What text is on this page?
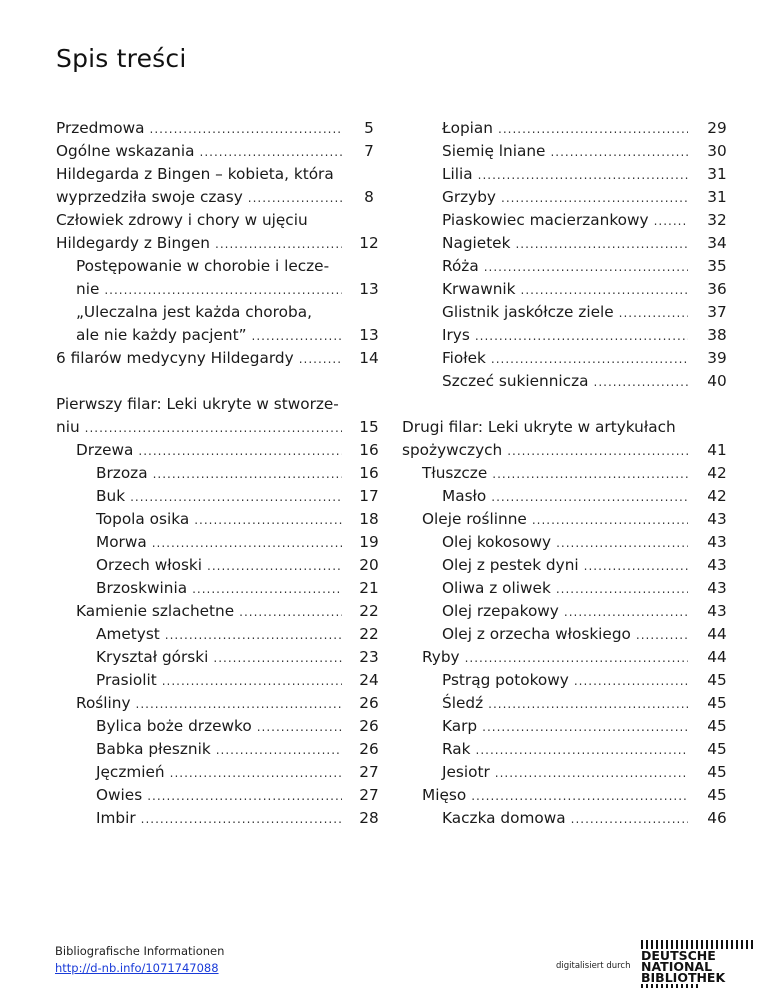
Spis treści
Przedmowa .....	5
Ogólne wskazania .....	7
Hildegarda z Bingen – kobieta, która
wyprzedziła swoje czasy .....	8
Człowiek zdrowy i chory w ujęciu
Hildegardy z Bingen .....	12
Postępowanie w chorobie i lecze-
nie .....	13
„Uleczalna jest każda choroba,
ale nie każdy pacjent” .....	13
6 filarów medycyny Hildegardy .....	14
Pierwszy filar: Leki ukryte w stworze-
niu .....	15
Drzewa .....	16
Brzoza .....	16
Buk .....	17
Topola osika .....	18
Morwa .....	19
Orzech włoski .....	20
Brzoskwinia .....	21
Kamienie szlachetne .....	22
Ametyst .....	22
Kryształ górski .....	23
Prasiolit .....	24
Rośliny .....	26
Bylica boże drzewko .....	26
Babka płesznik .....	26
Jęczmień .....	27
Owies .....	27
Imbir .....	28
Łopian .....	29
Siemię lniane .....	30
Lilia .....	31
Grzyby .....	31
Piaskowiec macierzankowy .....	32
Nagietek .....	34
Róża .....	35
Krwawnik .....	36
Glistnik jaskółcze ziele .....	37
Irys .....	38
Fiołek .....	39
Szczeć sukiennicza .....	40
Drugi filar: Leki ukryte w artykułach
spożywczych .....	41
Tłuszcze .....	42
Masło .....	42
Oleje roślinne .....	43
Olej kokosowy .....	43
Olej z pestek dyni .....	43
Oliwa z oliwek .....	43
Olej rzepakowy .....	43
Olej z orzecha włoskiego .....	44
Ryby .....	44
Pstrąg potokowy .....	45
Śledź .....	45
Karp .....	45
Rak .....	45
Jesiotr .....	45
Mięso .....	45
Kaczka domowa .....	46
Bibliografische Informationen
http://d-nb.info/1071747088	digitalisiert durch
DEUTSCHE
NATIONAL
BIBLIOTHEK
